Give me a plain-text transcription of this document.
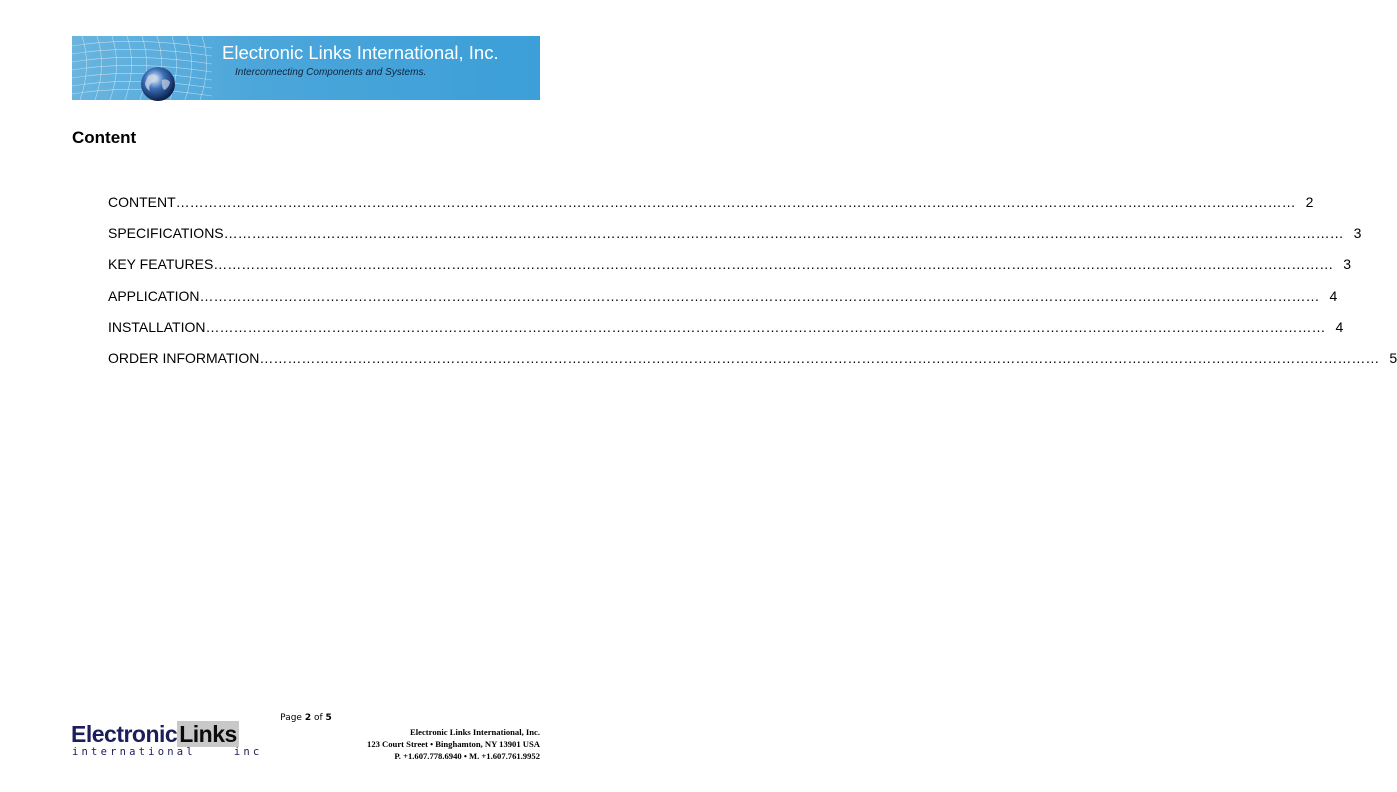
Electronic Links International, Inc.
Interconnecting Components and Systems.
Content
CONTENT …………………………………………………………………………………………………………………………………………………………………………………………………………………… 2
SPECIFICATIONS …………………………………………………………………………………………………………………………………………………………………………………………………………………… 3
KEY FEATURES …………………………………………………………………………………………………………………………………………………………………………………………………………………… 3
APPLICATION …………………………………………………………………………………………………………………………………………………………………………………………………………………… 4
INSTALLATION …………………………………………………………………………………………………………………………………………………………………………………………………………………… 4
ORDER INFORMATION …………………………………………………………………………………………………………………………………………………………………………………………………………………… 5
Page 2 of 5
ElectronicLinks
international	inc
Electronic Links International, Inc.
123 Court Street • Binghamton, NY 13901 USA
P. +1.607.778.6940 • M. +1.607.761.9952
